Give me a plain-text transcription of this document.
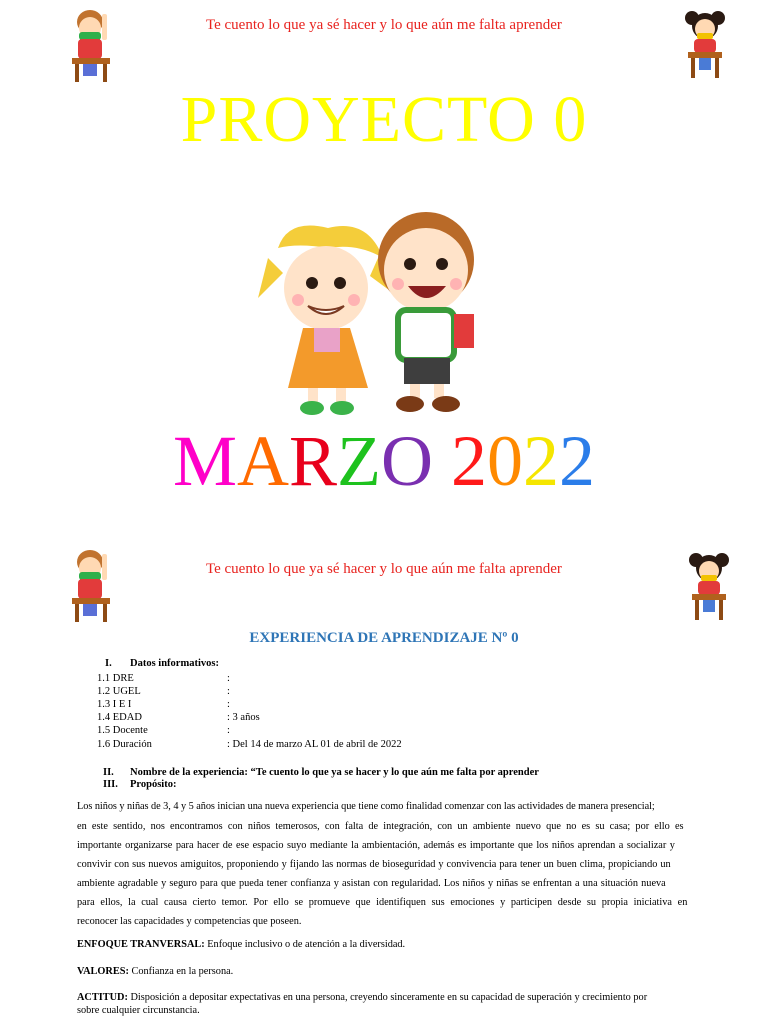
Te cuento lo que ya sé hacer y lo que aún me falta aprender
PROYECTO 0
MARZO 2022
Te cuento lo que ya sé hacer y lo que aún me falta aprender
EXPERIENCIA DE APRENDIZAJE Nº 0
I. Datos informativos:
1.1 DRE	:
1.2 UGEL	:
1.3 I E I	:
1.4 EDAD	: 3 años
1.5 Docente	:
1.6 Duración	: Del 14 de marzo AL 01 de abril de 2022
II. Nombre de la experiencia: “Te cuento lo que ya se hacer y lo que aún me falta por aprender
III. Propósito:
Los niños y niñas de 3, 4 y 5 años inician una nueva experiencia que tiene como finalidad comenzar con las actividades de manera presencial;
en este sentido, nos encontramos con niños temerosos, con falta de integración, con un ambiente nuevo que no es su casa; por ello es
importante organizarse para hacer de ese espacio suyo mediante la ambientación, además es importante que los niños aprendan a socializar y
convivir con sus nuevos amiguitos, proponiendo y fijando las normas de bioseguridad y convivencia para tener un buen clima, propiciando un
ambiente agradable y seguro para que pueda tener confianza y asistan con regularidad. Los niños y niñas se enfrentan a una situación nueva
para ellos, la cual causa cierto temor. Por ello se promueve que identifiquen sus emociones y participen desde su propia iniciativa en
reconocer las capacidades y competencias que poseen.
ENFOQUE TRANVERSAL: Enfoque inclusivo o de atención a la diversidad.
VALORES: Confianza en la persona.
ACTITUD: Disposición a depositar expectativas en una persona, creyendo sinceramente en su capacidad de superación y crecimiento por
sobre cualquier circunstancia.
